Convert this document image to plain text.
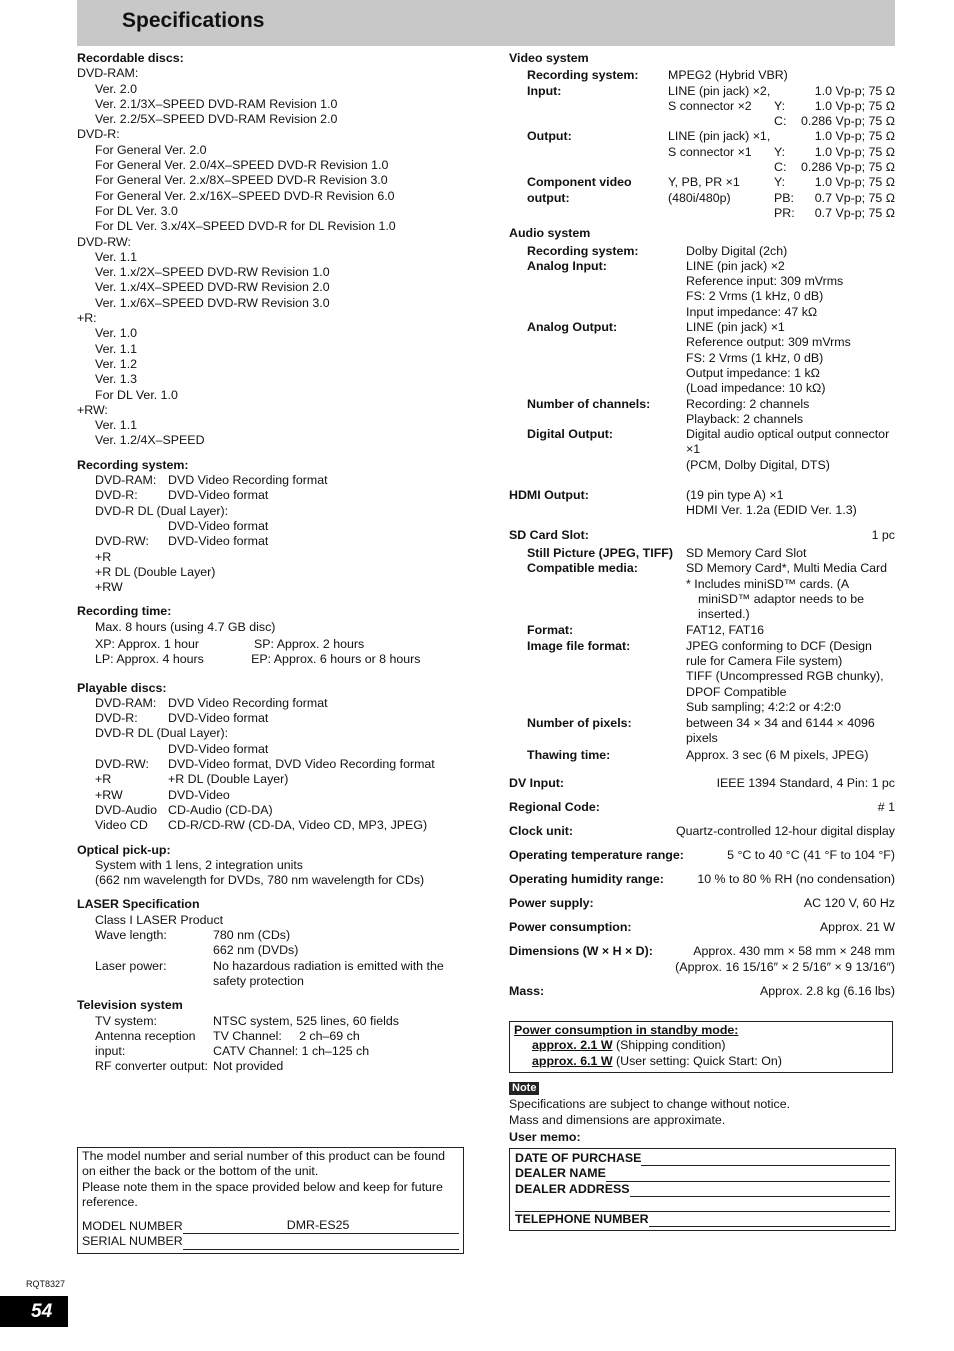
Specifications
Recordable discs:
DVD-RAM:
Ver. 2.0
Ver. 2.1/3X–SPEED DVD-RAM Revision 1.0
Ver. 2.2/5X–SPEED DVD-RAM Revision 2.0
DVD-R:
For General Ver. 2.0
For General Ver. 2.0/4X–SPEED DVD-R Revision 1.0
For General Ver. 2.x/8X–SPEED DVD-R Revision 3.0
For General Ver. 2.x/16X–SPEED DVD-R Revision 6.0
For DL Ver. 3.0
For DL Ver. 3.x/4X–SPEED DVD-R for DL Revision 1.0
DVD-RW:
Ver. 1.1
Ver. 1.x/2X–SPEED DVD-RW Revision 1.0
Ver. 1.x/4X–SPEED DVD-RW Revision 2.0
Ver. 1.x/6X–SPEED DVD-RW Revision 3.0
+R:
Ver. 1.0
Ver. 1.1
Ver. 1.2
Ver. 1.3
For DL Ver. 1.0
+RW:
Ver. 1.1
Ver. 1.2/4X–SPEED
Recording system:
DVD-RAM: DVD Video Recording format
DVD-R:	DVD-Video format
DVD-R DL (Dual Layer):
DVD-Video format
DVD-RW:	DVD-Video format
+R
+R DL (Double Layer)
+RW
Recording time:
Max. 8 hours (using 4.7 GB disc)
XP: Approx. 1 hour	SP: Approx. 2 hours
LP: Approx. 4 hours	EP: Approx. 6 hours or 8 hours
Playable discs:
DVD-RAM: DVD Video Recording format
DVD-R:	DVD-Video format
DVD-R DL (Dual Layer):
DVD-Video format
DVD-RW:	DVD-Video format, DVD Video Recording format
+R	+R DL (Double Layer)
+RW	DVD-Video
DVD-Audio CD-Audio (CD-DA)
Video CD	CD-R/CD-RW (CD-DA, Video CD, MP3, JPEG)
Optical pick-up:
System with 1 lens, 2 integration units
(662 nm wavelength for DVDs, 780 nm wavelength for CDs)
LASER Specification
Class I LASER Product
Wave length:	780 nm (CDs)
662 nm (DVDs)
Laser power:	No hazardous radiation is emitted with the safety protection
Television system
TV system:	NTSC system, 525 lines, 60 fields
Antenna reception	TV Channel:     2 ch–69 ch
input:	CATV Channel: 1 ch–125 ch
RF converter output: Not provided
The model number and serial number of this product can be found on either the back or the bottom of the unit.
Please note them in the space provided below and keep for future reference.
MODEL NUMBER	DMR-ES25
SERIAL NUMBER
Video system
Recording system: MPEG2 (Hybrid VBR)
Input:	LINE (pin jack) ×2,	1.0 Vp-p; 75 Ω
S connector ×2 Y: 1.0 Vp-p; 75 Ω
C: 0.286 Vp-p; 75 Ω
Output:	LINE (pin jack) ×1,	1.0 Vp-p; 75 Ω
S connector ×1 Y: 1.0 Vp-p; 75 Ω
C: 0.286 Vp-p; 75 Ω
Component video	Y, PB, PR ×1	Y: 1.0 Vp-p; 75 Ω
output:	(480i/480p)	PB: 0.7 Vp-p; 75 Ω
PR: 0.7 Vp-p; 75 Ω
Audio system
Recording system:	Dolby Digital (2ch)
Analog Input:	LINE (pin jack) ×2
Reference input: 309 mVrms
FS: 2 Vrms (1 kHz, 0 dB)
Input impedance: 47 kΩ
Analog Output:	LINE (pin jack) ×1
Reference output: 309 mVrms
FS: 2 Vrms (1 kHz, 0 dB)
Output impedance: 1 kΩ
(Load impedance: 10 kΩ)
Number of channels:	Recording: 2 channels
Playback: 2 channels
Digital Output:	Digital audio optical output connector ×1
(PCM, Dolby Digital, DTS)
HDMI Output:	(19 pin type A) ×1
HDMI Ver. 1.2a (EDID Ver. 1.3)
SD Card Slot:	1 pc
Still Picture (JPEG, TIFF)	SD Memory Card Slot
Compatible media:	SD Memory Card*, Multi Media Card
* Includes miniSD™ cards. (A miniSD™ adaptor needs to be inserted.)
Format:	FAT12, FAT16
Image file format:	JPEG conforming to DCF (Design rule for Camera File system)
TIFF (Uncompressed RGB chunky), DPOF Compatible
Sub sampling; 4:2:2 or 4:2:0
Number of pixels:	between 34 × 34 and 6144 × 4096 pixels
Thawing time:	Approx. 3 sec (6 M pixels, JPEG)
DV Input:	IEEE 1394 Standard, 4 Pin: 1 pc
Regional Code:	# 1
Clock unit:	Quartz-controlled 12-hour digital display
Operating temperature range:	5 °C to 40 °C (41 °F to 104 °F)
Operating humidity range:	10 % to 80 % RH (no condensation)
Power supply:	AC 120 V, 60 Hz
Power consumption:	Approx. 21 W
Dimensions (W × H × D):	Approx. 430 mm × 58 mm × 248 mm
(Approx. 16 15/16″ × 2 5/16″ × 9 13/16″)
Mass:	Approx. 2.8 kg (6.16 lbs)
Power consumption in standby mode:
approx. 2.1 W (Shipping condition)
approx. 6.1 W (User setting: Quick Start: On)
Note
Specifications are subject to change without notice.
Mass and dimensions are approximate.
User memo:
DATE OF PURCHASE
DEALER NAME
DEALER ADDRESS
TELEPHONE NUMBER
RQT8327
54
